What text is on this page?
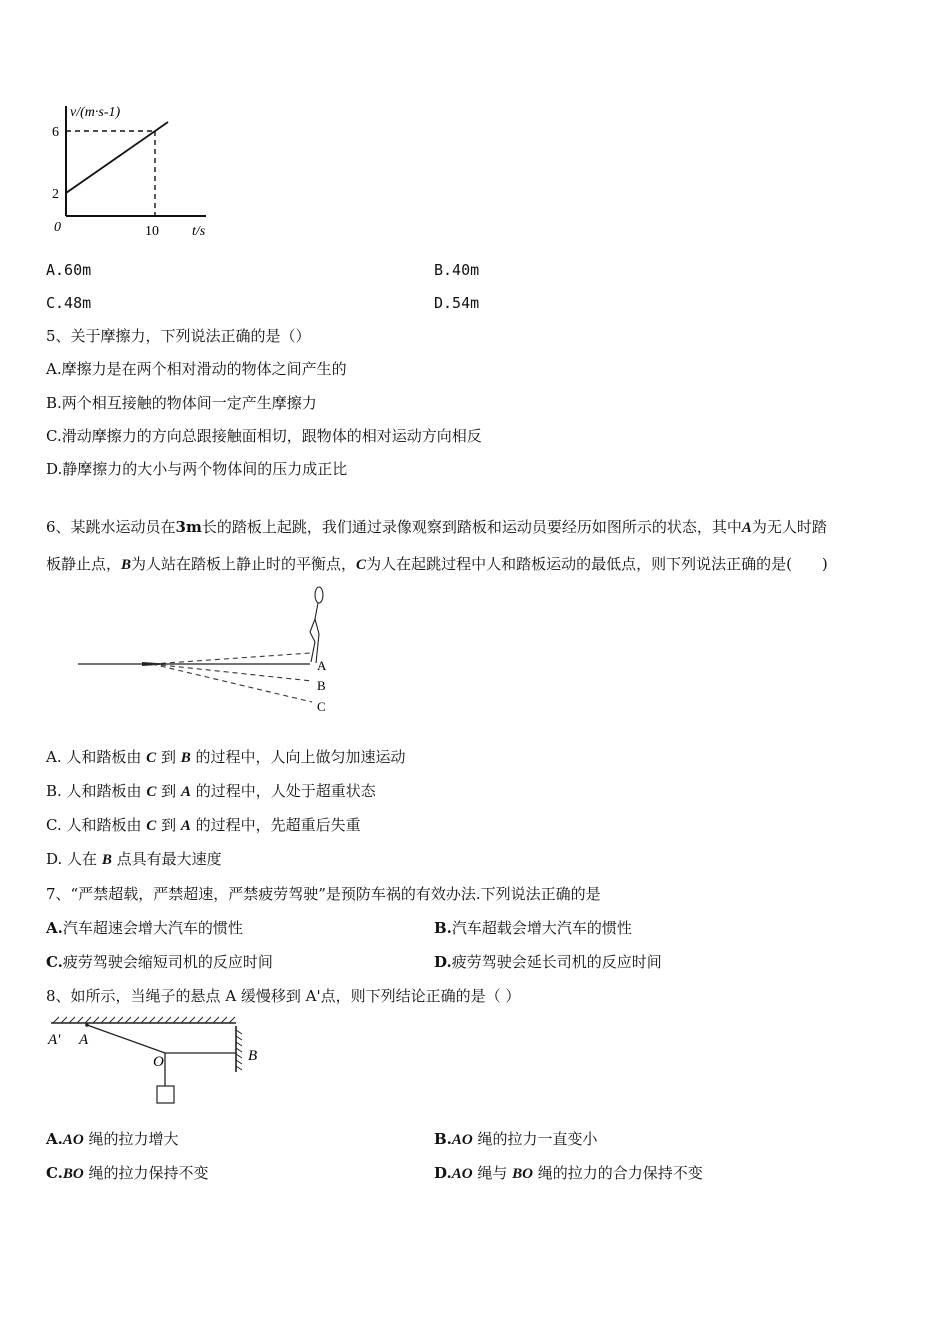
v/(m·s-1)
6
2
0	10 t/s
A.60m	B.40m
C.48m	D.54m
5、关于摩擦力，下列说法正确的是（）
A.摩擦力是在两个相对滑动的物体之间产生的
B.两个相互接触的物体间一定产生摩擦力
C.滑动摩擦力的方向总跟接触面相切，跟物体的相对运动方向相反
D.静摩擦力的大小与两个物体间的压力成正比
6、某跳水运动员在3m长的踏板上起跳，我们通过录像观察到踏板和运动员要经历如图所示的状态，其中A为无人时踏
板静止点，B为人站在踏板上静止时的平衡点，C为人在起跳过程中人和踏板运动的最低点，则下列说法正确的是( )
A
B
C
A. 人和踏板由 C 到 B 的过程中，人向上做匀加速运动
B. 人和踏板由 C 到 A 的过程中，人处于超重状态
C. 人和踏板由 C 到 A 的过程中，先超重后失重
D. 人在 B 点具有最大速度
7、“严禁超载，严禁超速，严禁疲劳驾驶”是预防车祸的有效办法.下列说法正确的是
A.汽车超速会增大汽车的惯性	B.汽车超载会增大汽车的惯性
C.疲劳驾驶会缩短司机的反应时间	D.疲劳驾驶会延长司机的反应时间
8、如所示，当绳子的悬点 A 缓慢移到 A'点，则下列结论正确的是（ ）
A' A
O	B
A.AO 绳的拉力增大	B.AO 绳的拉力一直变小
C.BO 绳的拉力保持不变	D.AO 绳与 BO 绳的拉力的合力保持不变
